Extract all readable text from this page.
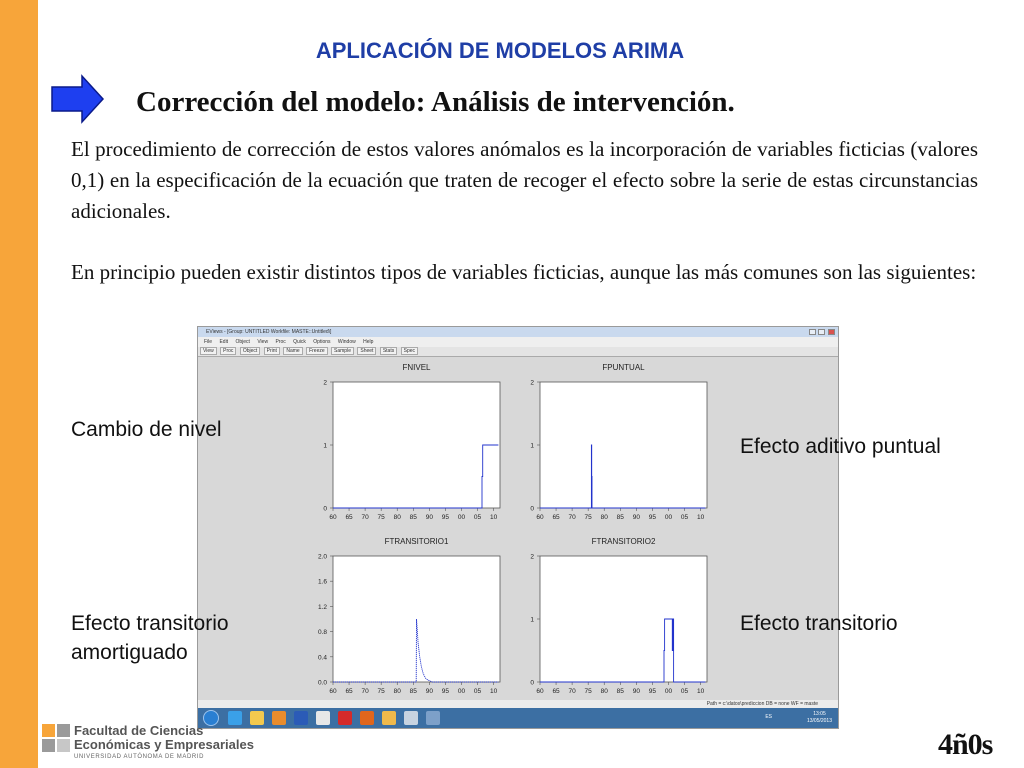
APLICACIÓN DE MODELOS ARIMA
Corrección del modelo: Análisis de intervención.
El procedimiento de corrección de estos valores anómalos es la incorporación de variables ficticias (valores 0,1) en la especificación de la ecuación que traten de recoger el efecto sobre la serie de estas circunstancias adicionales.
En principio pueden existir distintos tipos de variables ficticias, aunque las más comunes son las siguientes:
EViews - [Group: UNTITLED Workfile: MASTE::Untitled\]
File Edit Object View Proc Quick Options Window Help
View Proc Object Print Name Freeze Sample Sheet Stats Spec
FNIVEL
0
1
2
60 65 70 75 80 85 90 95 00 05 10
FPUNTUAL
0
1
2
60 65 70 75 80 85 90 95 00 05 10
FTRANSITORIO1
0.0
0.4
0.8
1.2
1.6
2.0
60 65 70 75 80 85 90 95 00 05 10
FTRANSITORIO2
0
1
2
60 65 70 75 80 85 90 95 00 05 10
Path = c:\datos\prediccion DB = none WF = maste
ES	13:05
13/05/2013
Cambio de nivel
Efecto aditivo puntual
Efecto transitorio amortiguado
Efecto transitorio
Facultad de Ciencias
Económicas y Empresariales
UNIVERSIDAD AUTÓNOMA DE MADRID	4ñ0s
